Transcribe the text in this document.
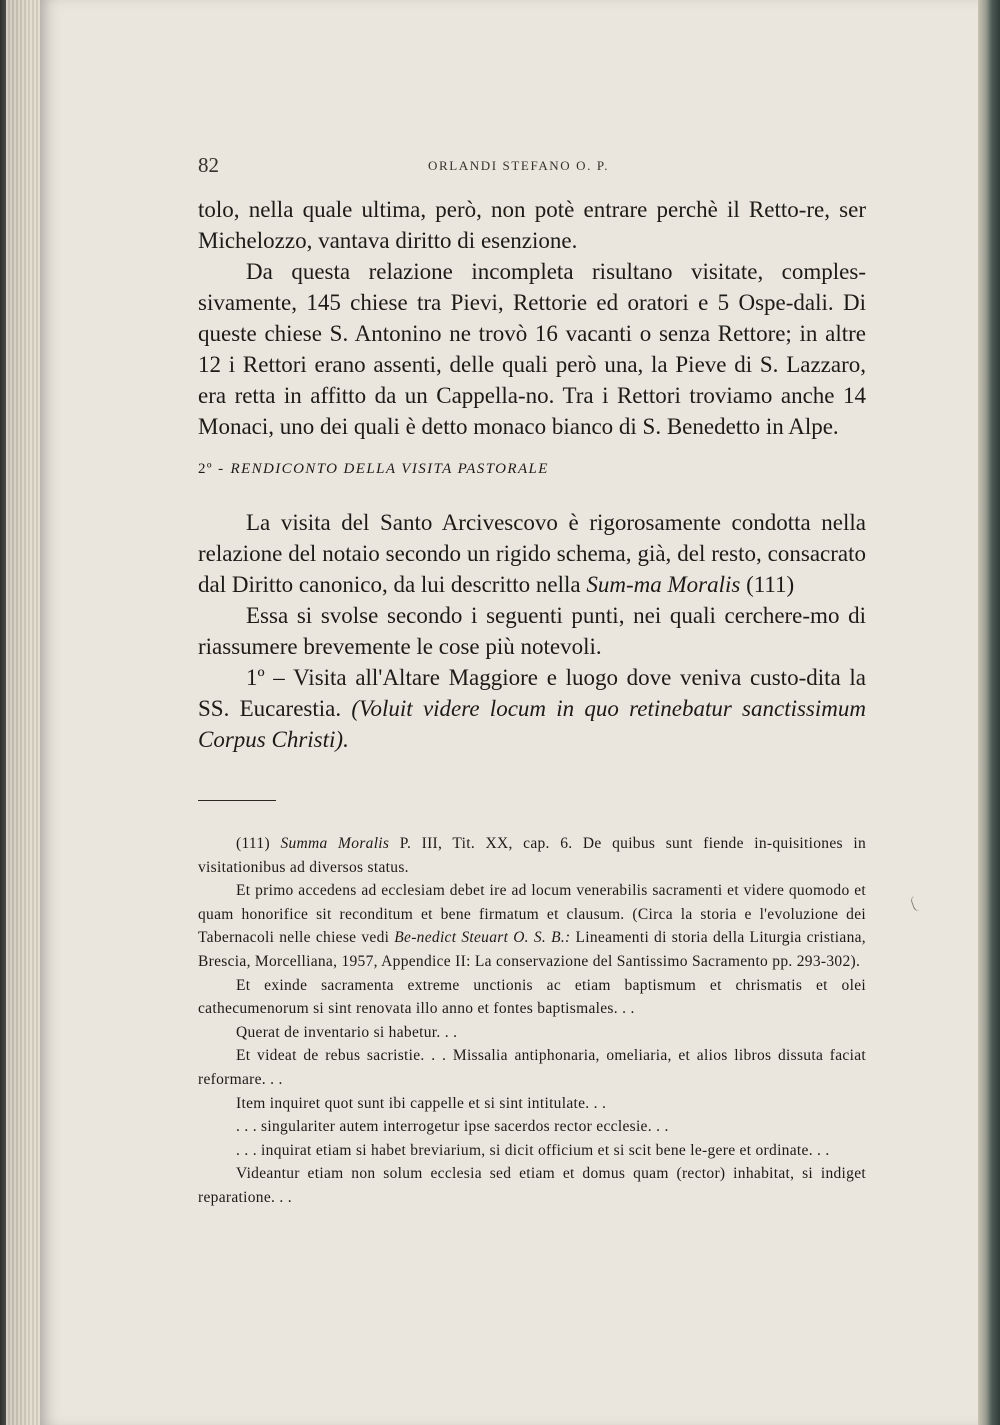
82	ORLANDI STEFANO O. P.

tolo, nella quale ultima, però, non potè entrare perchè il Retto-re, ser Michelozzo, vantava diritto di esenzione.

Da questa relazione incompleta risultano visitate, comples-sivamente, 145 chiese tra Pievi, Rettorie ed oratori e 5 Ospe-dali. Di queste chiese S. Antonino ne trovò 16 vacanti o senza Rettore; in altre 12 i Rettori erano assenti, delle quali però una, la Pieve di S. Lazzaro, era retta in affitto da un Cappella-no. Tra i Rettori troviamo anche 14 Monaci, uno dei quali è detto monaco bianco di S. Benedetto in Alpe.

2º - RENDICONTO DELLA VISITA PASTORALE

La visita del Santo Arcivescovo è rigorosamente condotta nella relazione del notaio secondo un rigido schema, già, del resto, consacrato dal Diritto canonico, da lui descritto nella Sum-ma Moralis (111)

Essa si svolse secondo i seguenti punti, nei quali cerchere-mo di riassumere brevemente le cose più notevoli.

1º – Visita all'Altare Maggiore e luogo dove veniva custo-dita la SS. Eucarestia. (Voluit videre locum in quo retinebatur sanctissimum Corpus Christi).

(111) Summa Moralis P. III, Tit. XX, cap. 6. De quibus sunt fiende in-quisitiones in visitationibus ad diversos status.

Et primo accedens ad ecclesiam debet ire ad locum venerabilis sacramenti et videre quomodo et quam honorifice sit reconditum et bene firmatum et clausum. (Circa la storia e l'evoluzione dei Tabernacoli nelle chiese vedi Be-nedict Steuart O. S. B.: Lineamenti di storia della Liturgia cristiana, Brescia, Morcelliana, 1957, Appendice II: La conservazione del Santissimo Sacramento pp. 293-302).

Et exinde sacramenta extreme unctionis ac etiam baptismum et chrismatis et olei cathecumenorum si sint renovata illo anno et fontes baptismales. . .

Querat de inventario si habetur. . .

Et videat de rebus sacristie. . . Missalia antiphonaria, omeliaria, et alios libros dissuta faciat reformare. . .

Item inquiret quot sunt ibi cappelle et si sint intitulate. . .

. . . singulariter autem interrogetur ipse sacerdos rector ecclesie. . .

. . . inquirat etiam si habet breviarium, si dicit officium et si scit bene le-gere et ordinate. . .

Videantur etiam non solum ecclesia sed etiam et domus quam (rector) inhabitat, si indiget reparatione. . .
